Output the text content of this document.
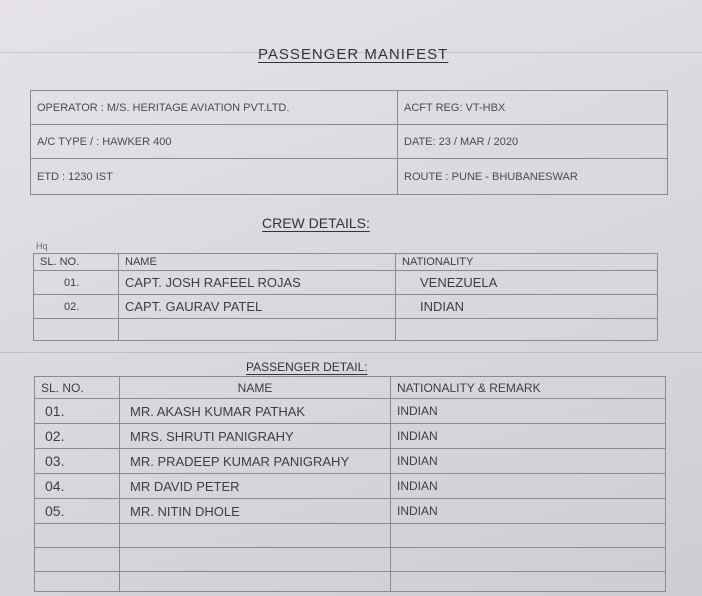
PASSENGER MANIFEST
OPERATOR : M/S. HERITAGE AVIATION PVT.LTD.	ACFT REG: VT-HBX
A/C TYPE / : HAWKER 400	DATE: 23 / MAR / 2020
ETD : 1230 IST	ROUTE : PUNE - BHUBANESWAR
CREW DETAILS:
Hq
SL. NO.	NAME	NATIONALITY
01.	CAPT. JOSH RAFEEL ROJAS	VENEZUELA
02.	CAPT. GAURAV PATEL	INDIAN

PASSENGER DETAIL:
SL. NO.	NAME	NATIONALITY & REMARK
01.	MR. AKASH KUMAR PATHAK	INDIAN
02.	MRS. SHRUTI PANIGRAHY	INDIAN
03.	MR. PRADEEP KUMAR PANIGRAHY	INDIAN
04.	MR DAVID PETER	INDIAN
05.	MR. NITIN DHOLE	INDIAN
